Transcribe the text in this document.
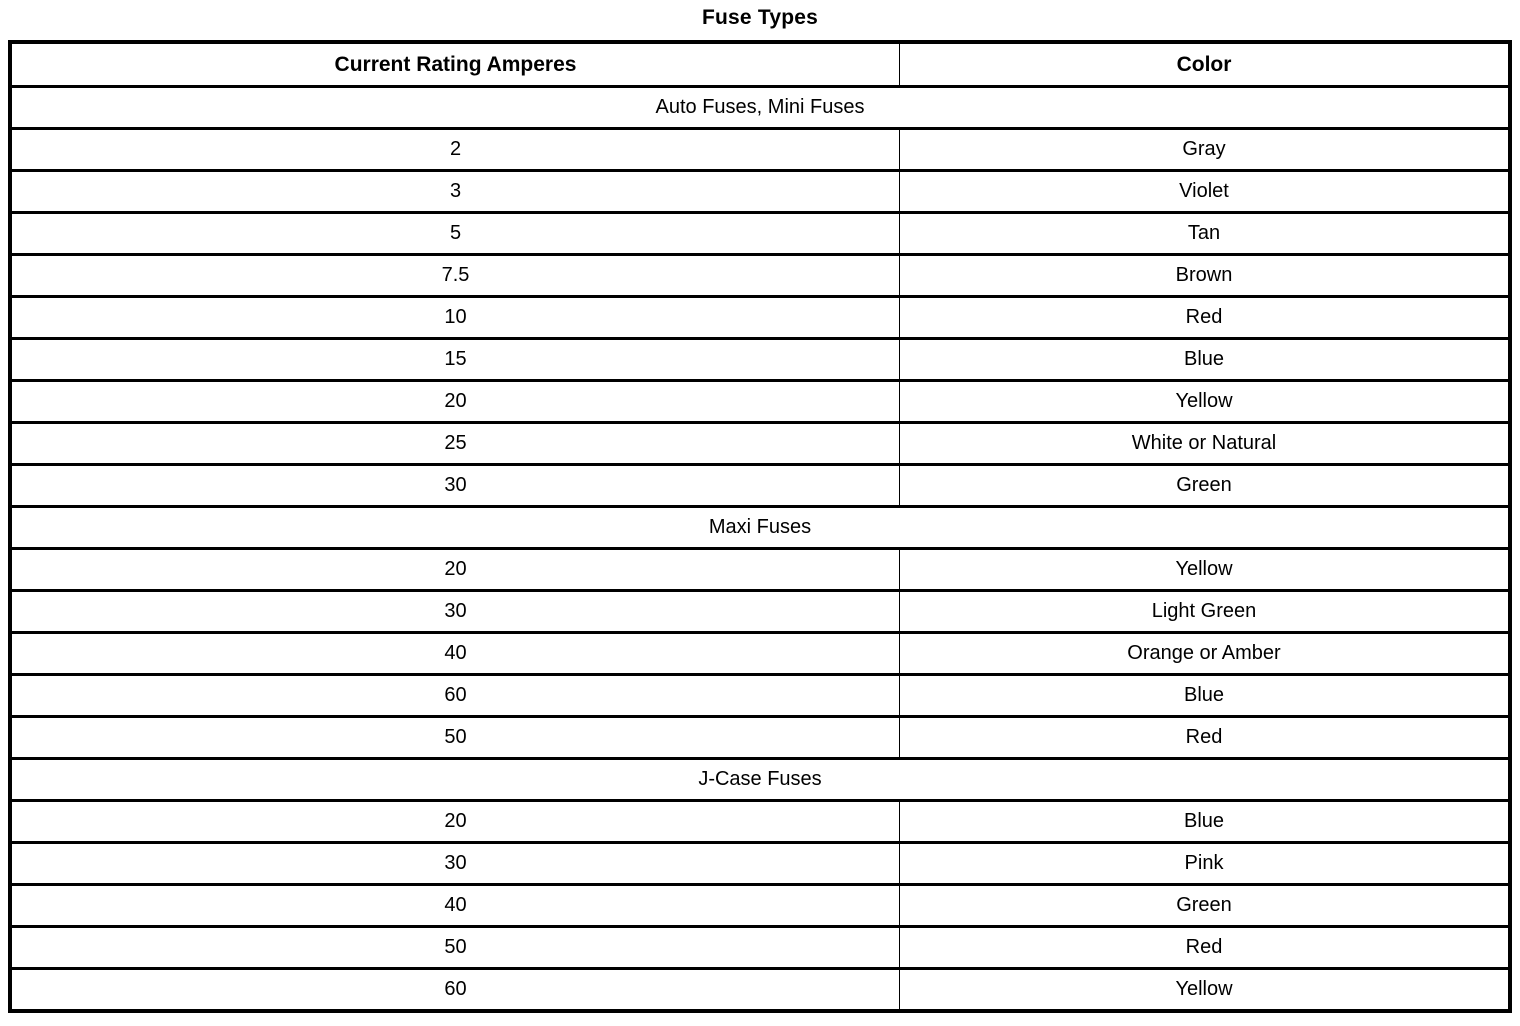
Fuse Types
Current Rating Amperes	Color
Auto Fuses, Mini Fuses	
2	Gray
3	Violet
5	Tan
7.5	Brown
10	Red
15	Blue
20	Yellow
25	White or Natural
30	Green
Maxi Fuses	
20	Yellow
30	Light Green
40	Orange or Amber
60	Blue
50	Red
J-Case Fuses	
20	Blue
30	Pink
40	Green
50	Red
60	Yellow
